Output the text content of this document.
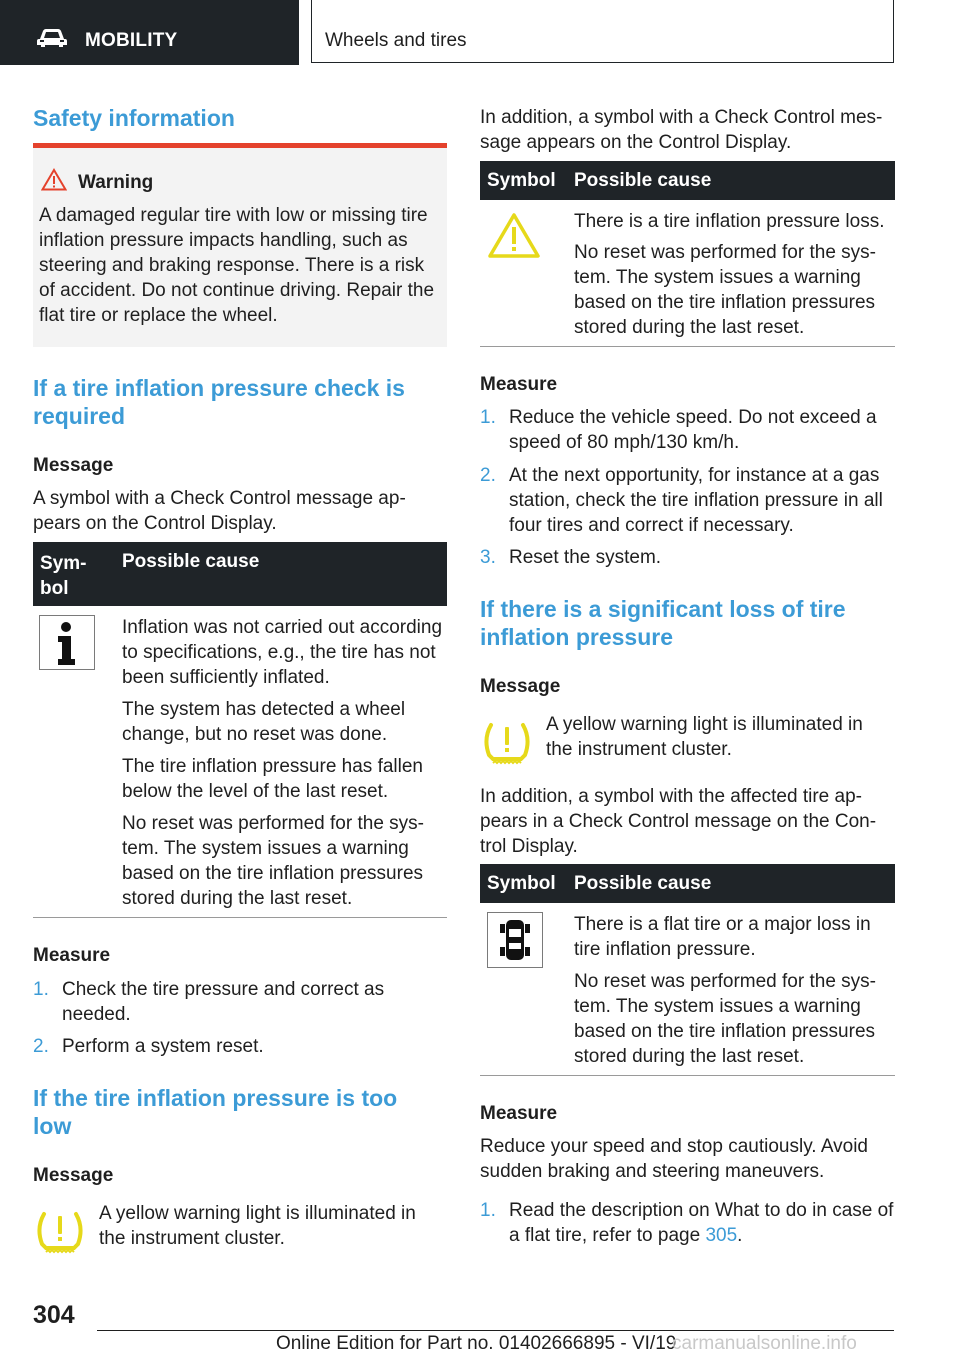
MOBILITY	Wheels and tires
Safety information
Warning
A damaged regular tire with low or missing tire inflation pressure impacts handling, such as steering and braking response. There is a risk of accident. Do not continue driving. Repair the flat tire or replace the wheel.
If a tire inflation pressure check is required
Message
A symbol with a Check Control message appears on the Control Display.
Symbol
Possible cause
Inflation was not carried out according to specifications, e.g., the tire has not been sufficiently inflated.
The system has detected a wheel change, but no reset was done.
The tire inflation pressure has fallen below the level of the last reset.
No reset was performed for the system. The system issues a warning based on the tire inflation pressures stored during the last reset.
Measure
1. Check the tire pressure and correct as needed.
2. Perform a system reset.
If the tire inflation pressure is too low
Message
A yellow warning light is illuminated in the instrument cluster.
In addition, a symbol with a Check Control message appears on the Control Display.
Symbol Possible cause
There is a tire inflation pressure loss.
No reset was performed for the system. The system issues a warning based on the tire inflation pressures stored during the last reset.
Measure
1. Reduce the vehicle speed. Do not exceed a speed of 80 mph/130 km/h.
2. At the next opportunity, for instance at a gas station, check the tire inflation pressure in all four tires and correct if necessary.
3. Reset the system.
If there is a significant loss of tire inflation pressure
Message
A yellow warning light is illuminated in the instrument cluster.
In addition, a symbol with the affected tire appears in a Check Control message on the Control Display.
Symbol Possible cause
There is a flat tire or a major loss in tire inflation pressure.
No reset was performed for the system. The system issues a warning based on the tire inflation pressures stored during the last reset.
Measure
Reduce your speed and stop cautiously. Avoid sudden braking and steering maneuvers.
1. Read the description on What to do in case of a flat tire, refer to page 305.
304
Online Edition for Part no. 01402666895 - VI/19
carmanualsonline.info
